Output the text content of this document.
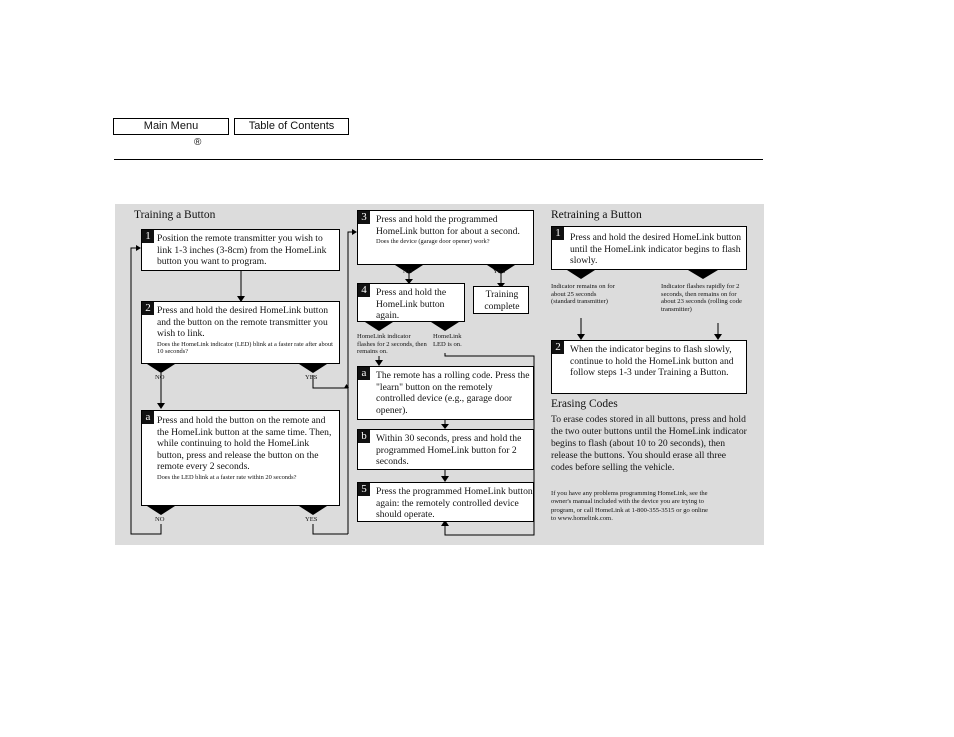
Main Menu	Table of Contents
®
Training a Button
1 Position the remote transmitter you wish to link 1-3 inches (3-8cm) from the HomeLink button you want to program.
2 Press and hold the desired HomeLink button and the button on the remote transmitter you wish to link.
Does the HomeLink indicator (LED) blink at a faster rate after about 10 seconds?
NO	YES
a Press and hold the button on the remote and the HomeLink button at the same time. Then, while continuing to hold the HomeLink button, press and release the button on the remote every 2 seconds.
Does the LED blink at a faster rate within 20 seconds?
NO	YES
3 Press and hold the programmed HomeLink button for about a second.
Does the device (garage door opener) work?
NO	YES
4 Press and hold the HomeLink button again.
Training complete
HomeLink indicator flashes for 2 seconds, then remains on.
HomeLink LED is on.
a The remote has a rolling code. Press the "learn" button on the remotely controlled device (e.g., garage door opener).
b Within 30 seconds, press and hold the programmed HomeLink button for 2 seconds.
5 Press the programmed HomeLink button again: the remotely controlled device should operate.
Retraining a Button
1 Press and hold the desired HomeLink button until the HomeLink indicator begins to flash slowly.
Indicator remains on for about 25 seconds (standard transmitter)
Indicator flashes rapidly for 2 seconds, then remains on for about 23 seconds (rolling code transmitter)
2 When the indicator begins to flash slowly, continue to hold the HomeLink button and follow steps 1-3 under Training a Button.
Erasing Codes
To erase codes stored in all buttons, press and hold the two outer buttons until the HomeLink indicator begins to flash (about 10 to 20 seconds), then release the buttons. You should erase all three codes before selling the vehicle.
If you have any problems programming HomeLink, see the owner's manual included with the device you are trying to program, or call HomeLink at 1-800-355-3515 or go online to www.homelink.com.
